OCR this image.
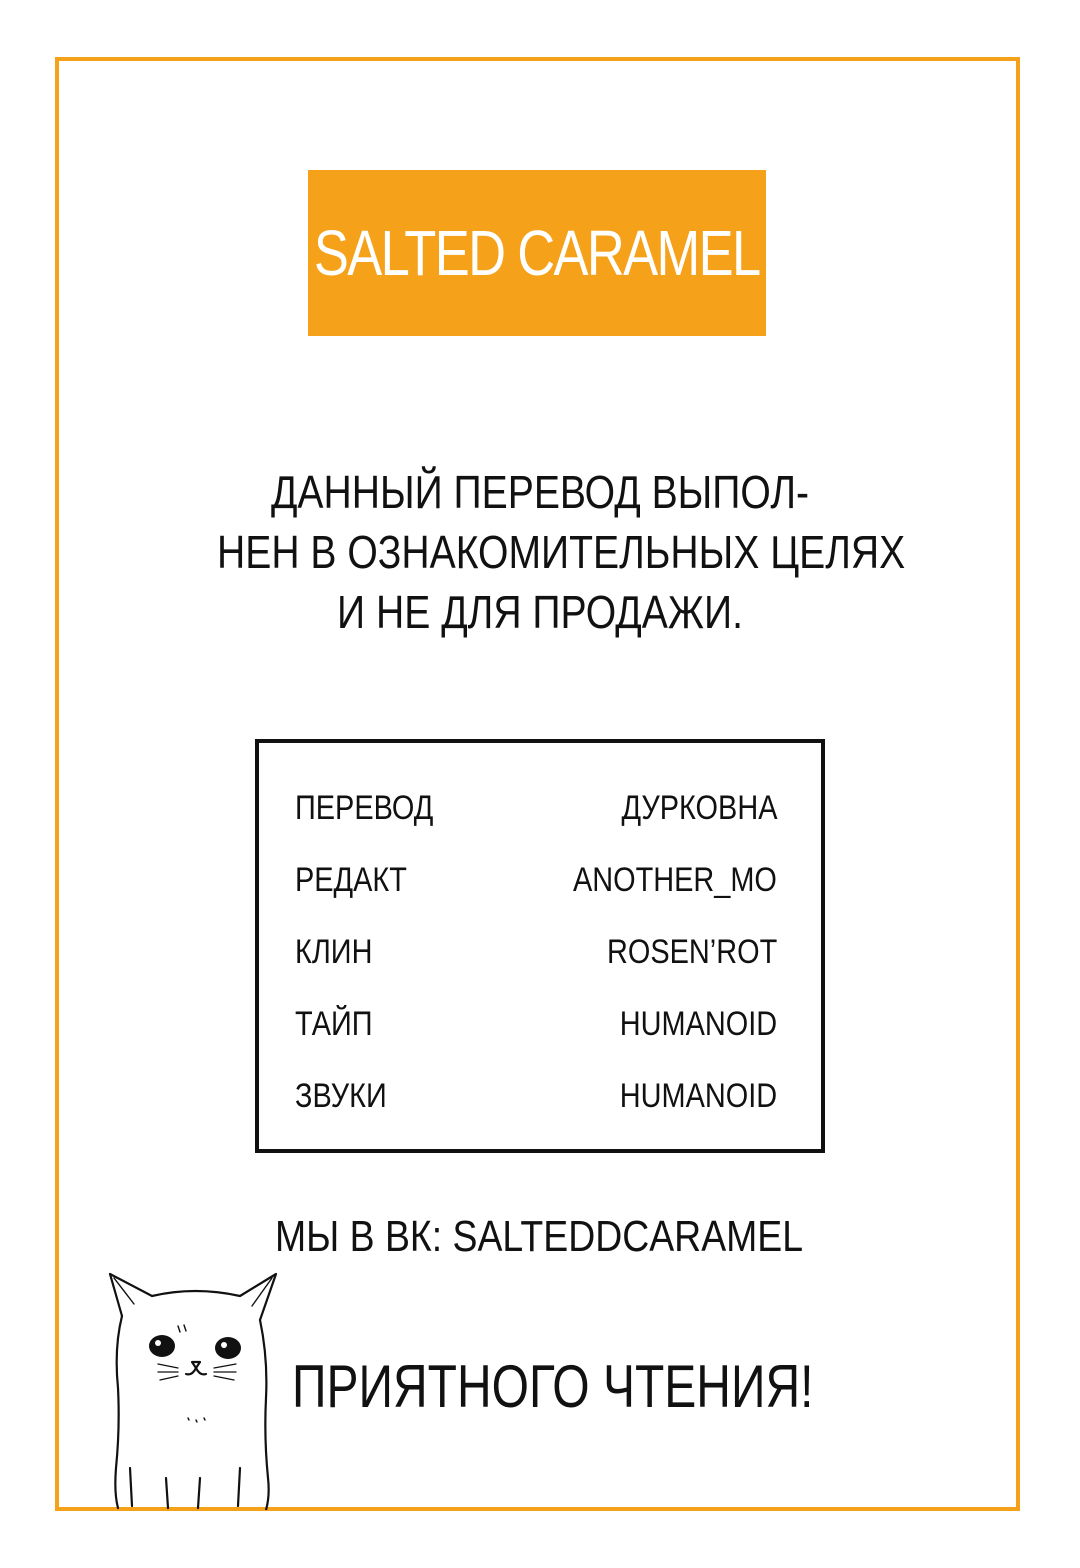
SALTED CARAMEL
ДАННЫЙ ПЕРЕВОД ВЫПОЛ-
НЕН В ОЗНАКОМИТЕЛЬНЫХ ЦЕЛЯХ
И НЕ ДЛЯ ПРОДАЖИ.
ПЕРЕВОД	ДУРКОВНА
РЕДАКТ	ANOTHER_MO
КЛИН	ROSEN’ROT
ТАЙП	HUMANOID
ЗВУКИ	HUMANOID
МЫ В ВК: SALTEDDCARAMEL
ПРИЯТНОГО ЧТЕНИЯ!
